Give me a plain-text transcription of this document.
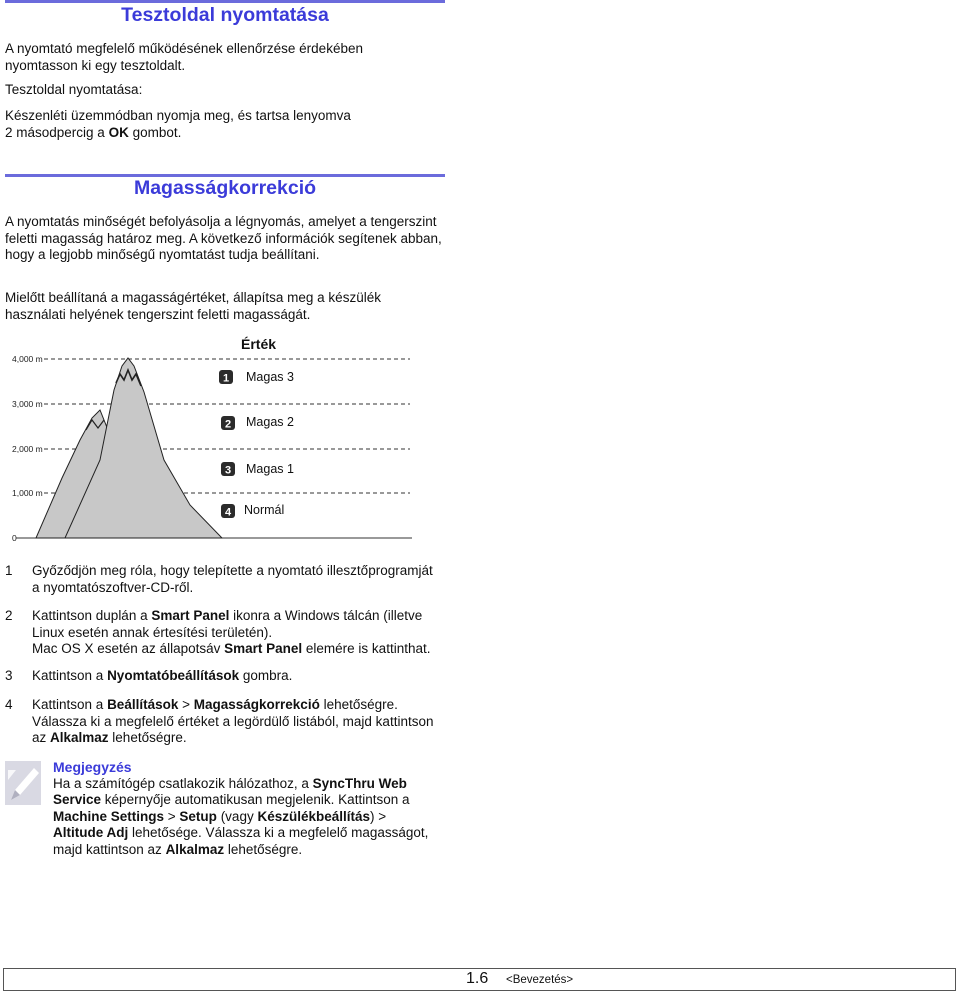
Tesztoldal nyomtatása
A nyomtató megfelelő működésének ellenőrzése érdekében
nyomtasson ki egy tesztoldalt.
Tesztoldal nyomtatása:
Készenléti üzemmódban nyomja meg, és tartsa lenyomva
2 másodpercig a OK gombot.
Magasságkorrekció
A nyomtatás minőségét befolyásolja a légnyomás, amelyet a tengerszint
feletti magasság határoz meg. A következő információk segítenek abban,
hogy a legjobb minőségű nyomtatást tudja beállítani.
Mielőtt beállítaná a magasságértéket, állapítsa meg a készülék
használati helyének tengerszint feletti magasságát.
4,000 m
3,000 m
2,000 m
1,000 m
0
Érték
1 Magas 3
2 Magas 2
3 Magas 1
4 Normál
1 Győződjön meg róla, hogy telepítette a nyomtató illesztőprogramját
a nyomtatószoftver-CD-ről.
2 Kattintson duplán a Smart Panel ikonra a Windows tálcán (illetve
Linux esetén annak értesítési területén).
Mac OS X esetén az állapotsáv Smart Panel elemére is kattinthat.
3 Kattintson a Nyomtatóbeállítások gombra.
4 Kattintson a Beállítások > Magasságkorrekció lehetőségre.
Válassza ki a megfelelő értéket a legördülő listából, majd kattintson
az Alkalmaz lehetőségre.
Megjegyzés
Ha a számítógép csatlakozik hálózathoz, a SyncThru Web
Service képernyője automatikusan megjelenik. Kattintson a
Machine Settings > Setup (vagy Készülékbeállítás) >
Altitude Adj lehetősége. Válassza ki a megfelelő magasságot,
majd kattintson az Alkalmaz lehetőségre.
1.6 <Bevezetés>
